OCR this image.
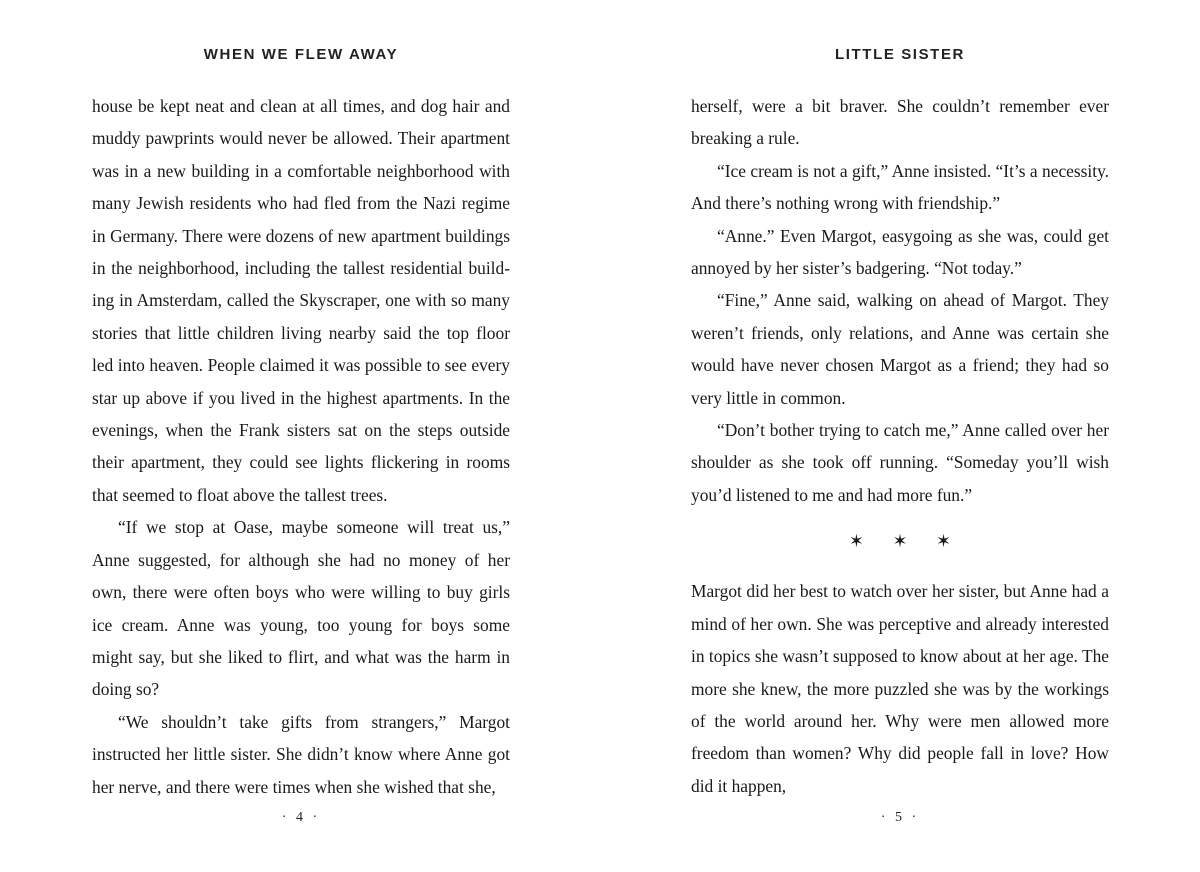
WHEN WE FLEW AWAY

house be kept neat and clean at all times, and dog hair and muddy pawprints would never be allowed. Their apartment was in a new building in a comfortable neighborhood with many Jewish residents who had fled from the Nazi regime in Germany. There were dozens of new apartment buildings in the neighborhood, including the tallest residential building in Amsterdam, called the Skyscraper, one with so many stories that little children living nearby said the top floor led into heaven. People claimed it was possible to see every star up above if you lived in the highest apartments. In the evenings, when the Frank sisters sat on the steps outside their apartment, they could see lights flickering in rooms that seemed to float above the tallest trees.

“If we stop at Oase, maybe someone will treat us,” Anne suggested, for although she had no money of her own, there were often boys who were willing to buy girls ice cream. Anne was young, too young for boys some might say, but she liked to flirt, and what was the harm in doing so?

“We shouldn’t take gifts from strangers,” Margot instructed her little sister. She didn’t know where Anne got her nerve, and there were times when she wished that she,

· 4 ·
LITTLE SISTER

herself, were a bit braver. She couldn’t remember ever breaking a rule.

“Ice cream is not a gift,” Anne insisted. “It’s a necessity. And there’s nothing wrong with friendship.”

“Anne.” Even Margot, easygoing as she was, could get annoyed by her sister’s badgering. “Not today.”

“Fine,” Anne said, walking on ahead of Margot. They weren’t friends, only relations, and Anne was certain she would have never chosen Margot as a friend; they had so very little in common.

“Don’t bother trying to catch me,” Anne called over her shoulder as she took off running. “Someday you’ll wish you’d listened to me and had more fun.”

✶ ✶ ✶

Margot did her best to watch over her sister, but Anne had a mind of her own. She was perceptive and already interested in topics she wasn’t supposed to know about at her age. The more she knew, the more puzzled she was by the workings of the world around her. Why were men allowed more freedom than women? Why did people fall in love? How did it happen,

· 5 ·
